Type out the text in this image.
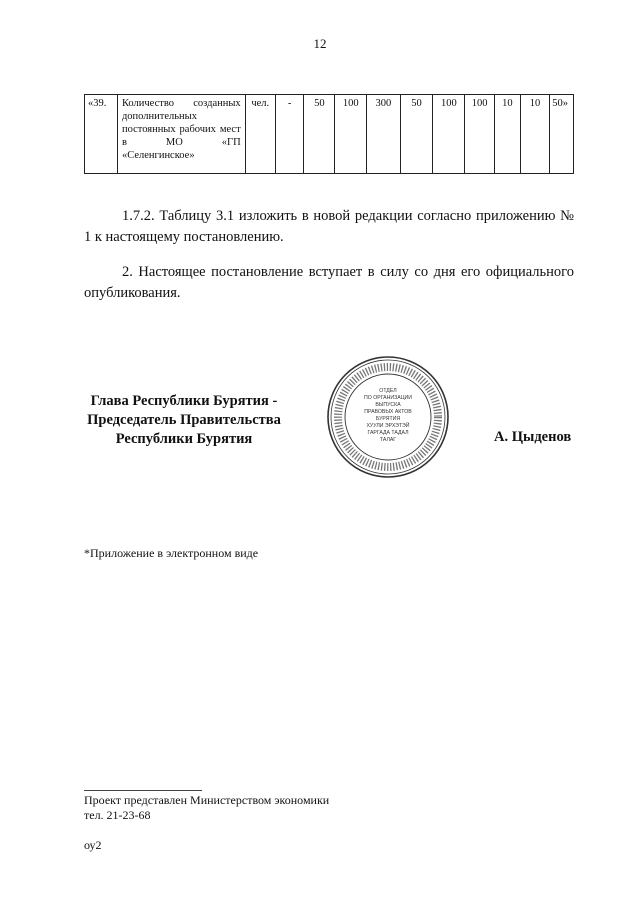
12
«39.	Количество созданных дополнительных постоянных рабочих мест в МО «ГП «Селенгинское»	чел.	-	50	100	300	50	100	100	10	10	50»
1.7.2. Таблицу 3.1 изложить в новой редакции согласно приложению № 1 к настоящему постановлению.
2. Настоящее постановление вступает в силу со дня его официального опубликования.
Глава Республики Бурятия -
Председатель Правительства
Республики Бурятия
ОТДЕЛ
ПО ОРГАНИЗАЦИИ
ВЫПУСКА
ПРАВОВЫХ АКТОВ
БУРЯТИЯ
ХУУЛИ ЭРХЭТЭЙ
ГАРГАДА ТАДАЛ
ТАЛАГ	А. Цыденов
*Приложение в электронном виде
Проект представлен Министерством экономики
тел. 21-23-68
оу2
